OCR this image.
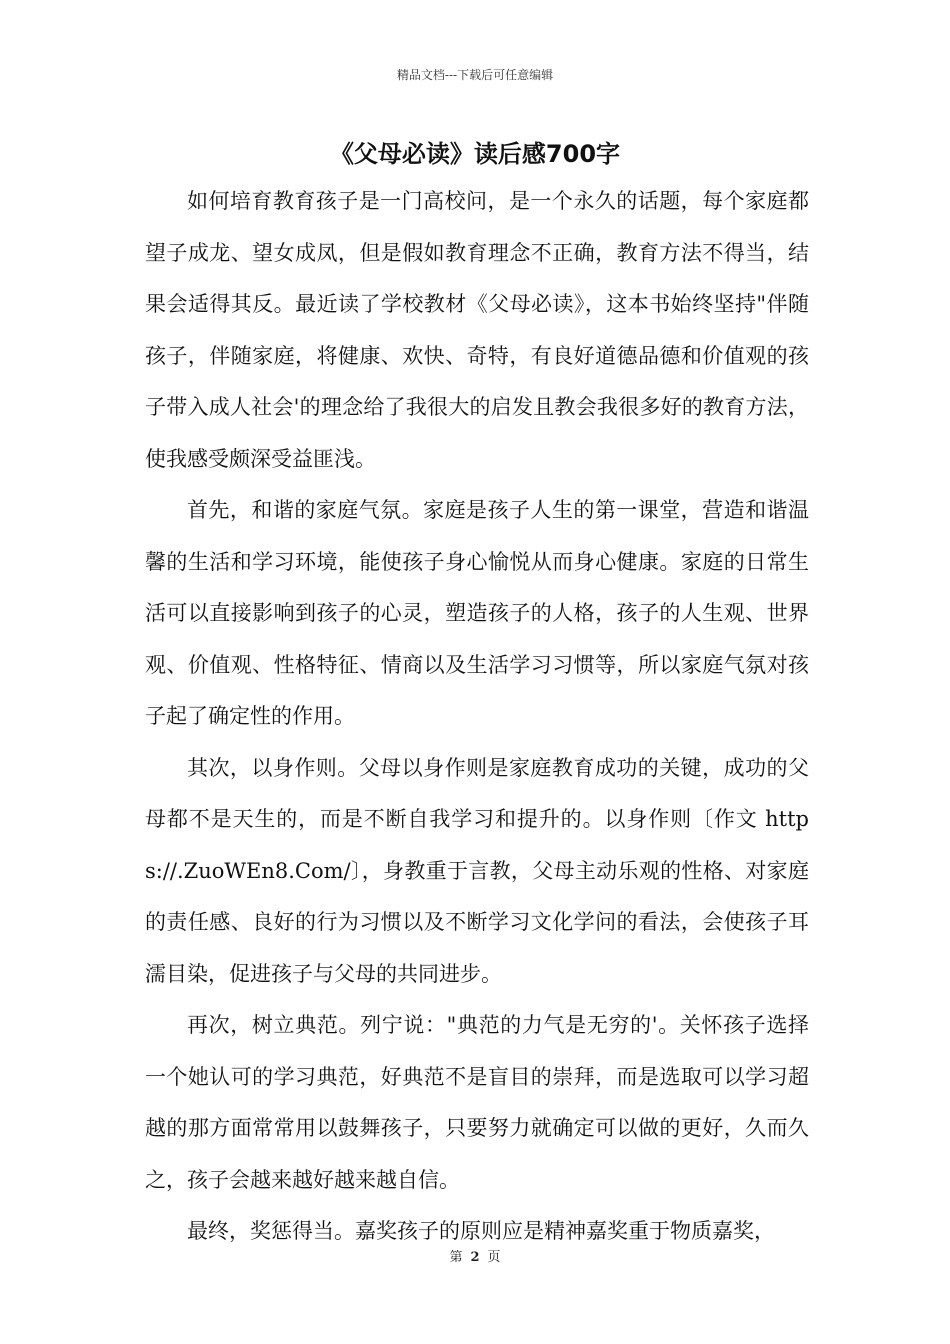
精品文档---下载后可任意编辑
《父母必读》读后感700字

如何培育教育孩子是一门高校问，是一个永久的话题，每个家庭都望子成龙、望女成凤，但是假如教育理念不正确，教育方法不得当，结果会适得其反。最近读了学校教材《父母必读》，这本书始终坚持"伴随孩子，伴随家庭，将健康、欢快、奇特，有良好道德品德和价值观的孩子带入成人社会'的理念给了我很大的启发且教会我很多好的教育方法，使我感受颇深受益匪浅。

首先，和谐的家庭气氛。家庭是孩子人生的第一课堂，营造和谐温馨的生活和学习环境，能使孩子身心愉悦从而身心健康。家庭的日常生活可以直接影响到孩子的心灵，塑造孩子的人格，孩子的人生观、世界观、价值观、性格特征、情商以及生活学习习惯等，所以家庭气氛对孩子起了确定性的作用。

其次，以身作则。父母以身作则是家庭教育成功的关键，成功的父母都不是天生的，而是不断自我学习和提升的。以身作则〔作文 https://.ZuoWEn8.Com/〕，身教重于言教，父母主动乐观的性格、对家庭的责任感、良好的行为习惯以及不断学习文化学问的看法，会使孩子耳濡目染，促进孩子与父母的共同进步。

再次，树立典范。列宁说："典范的力气是无穷的'。关怀孩子选择一个她认可的学习典范，好典范不是盲目的崇拜，而是选取可以学习超越的那方面常常用以鼓舞孩子，只要努力就确定可以做的更好，久而久之，孩子会越来越好越来越自信。

最终，奖惩得当。嘉奖孩子的原则应是精神嘉奖重于物质嘉奖，

第 2 页
